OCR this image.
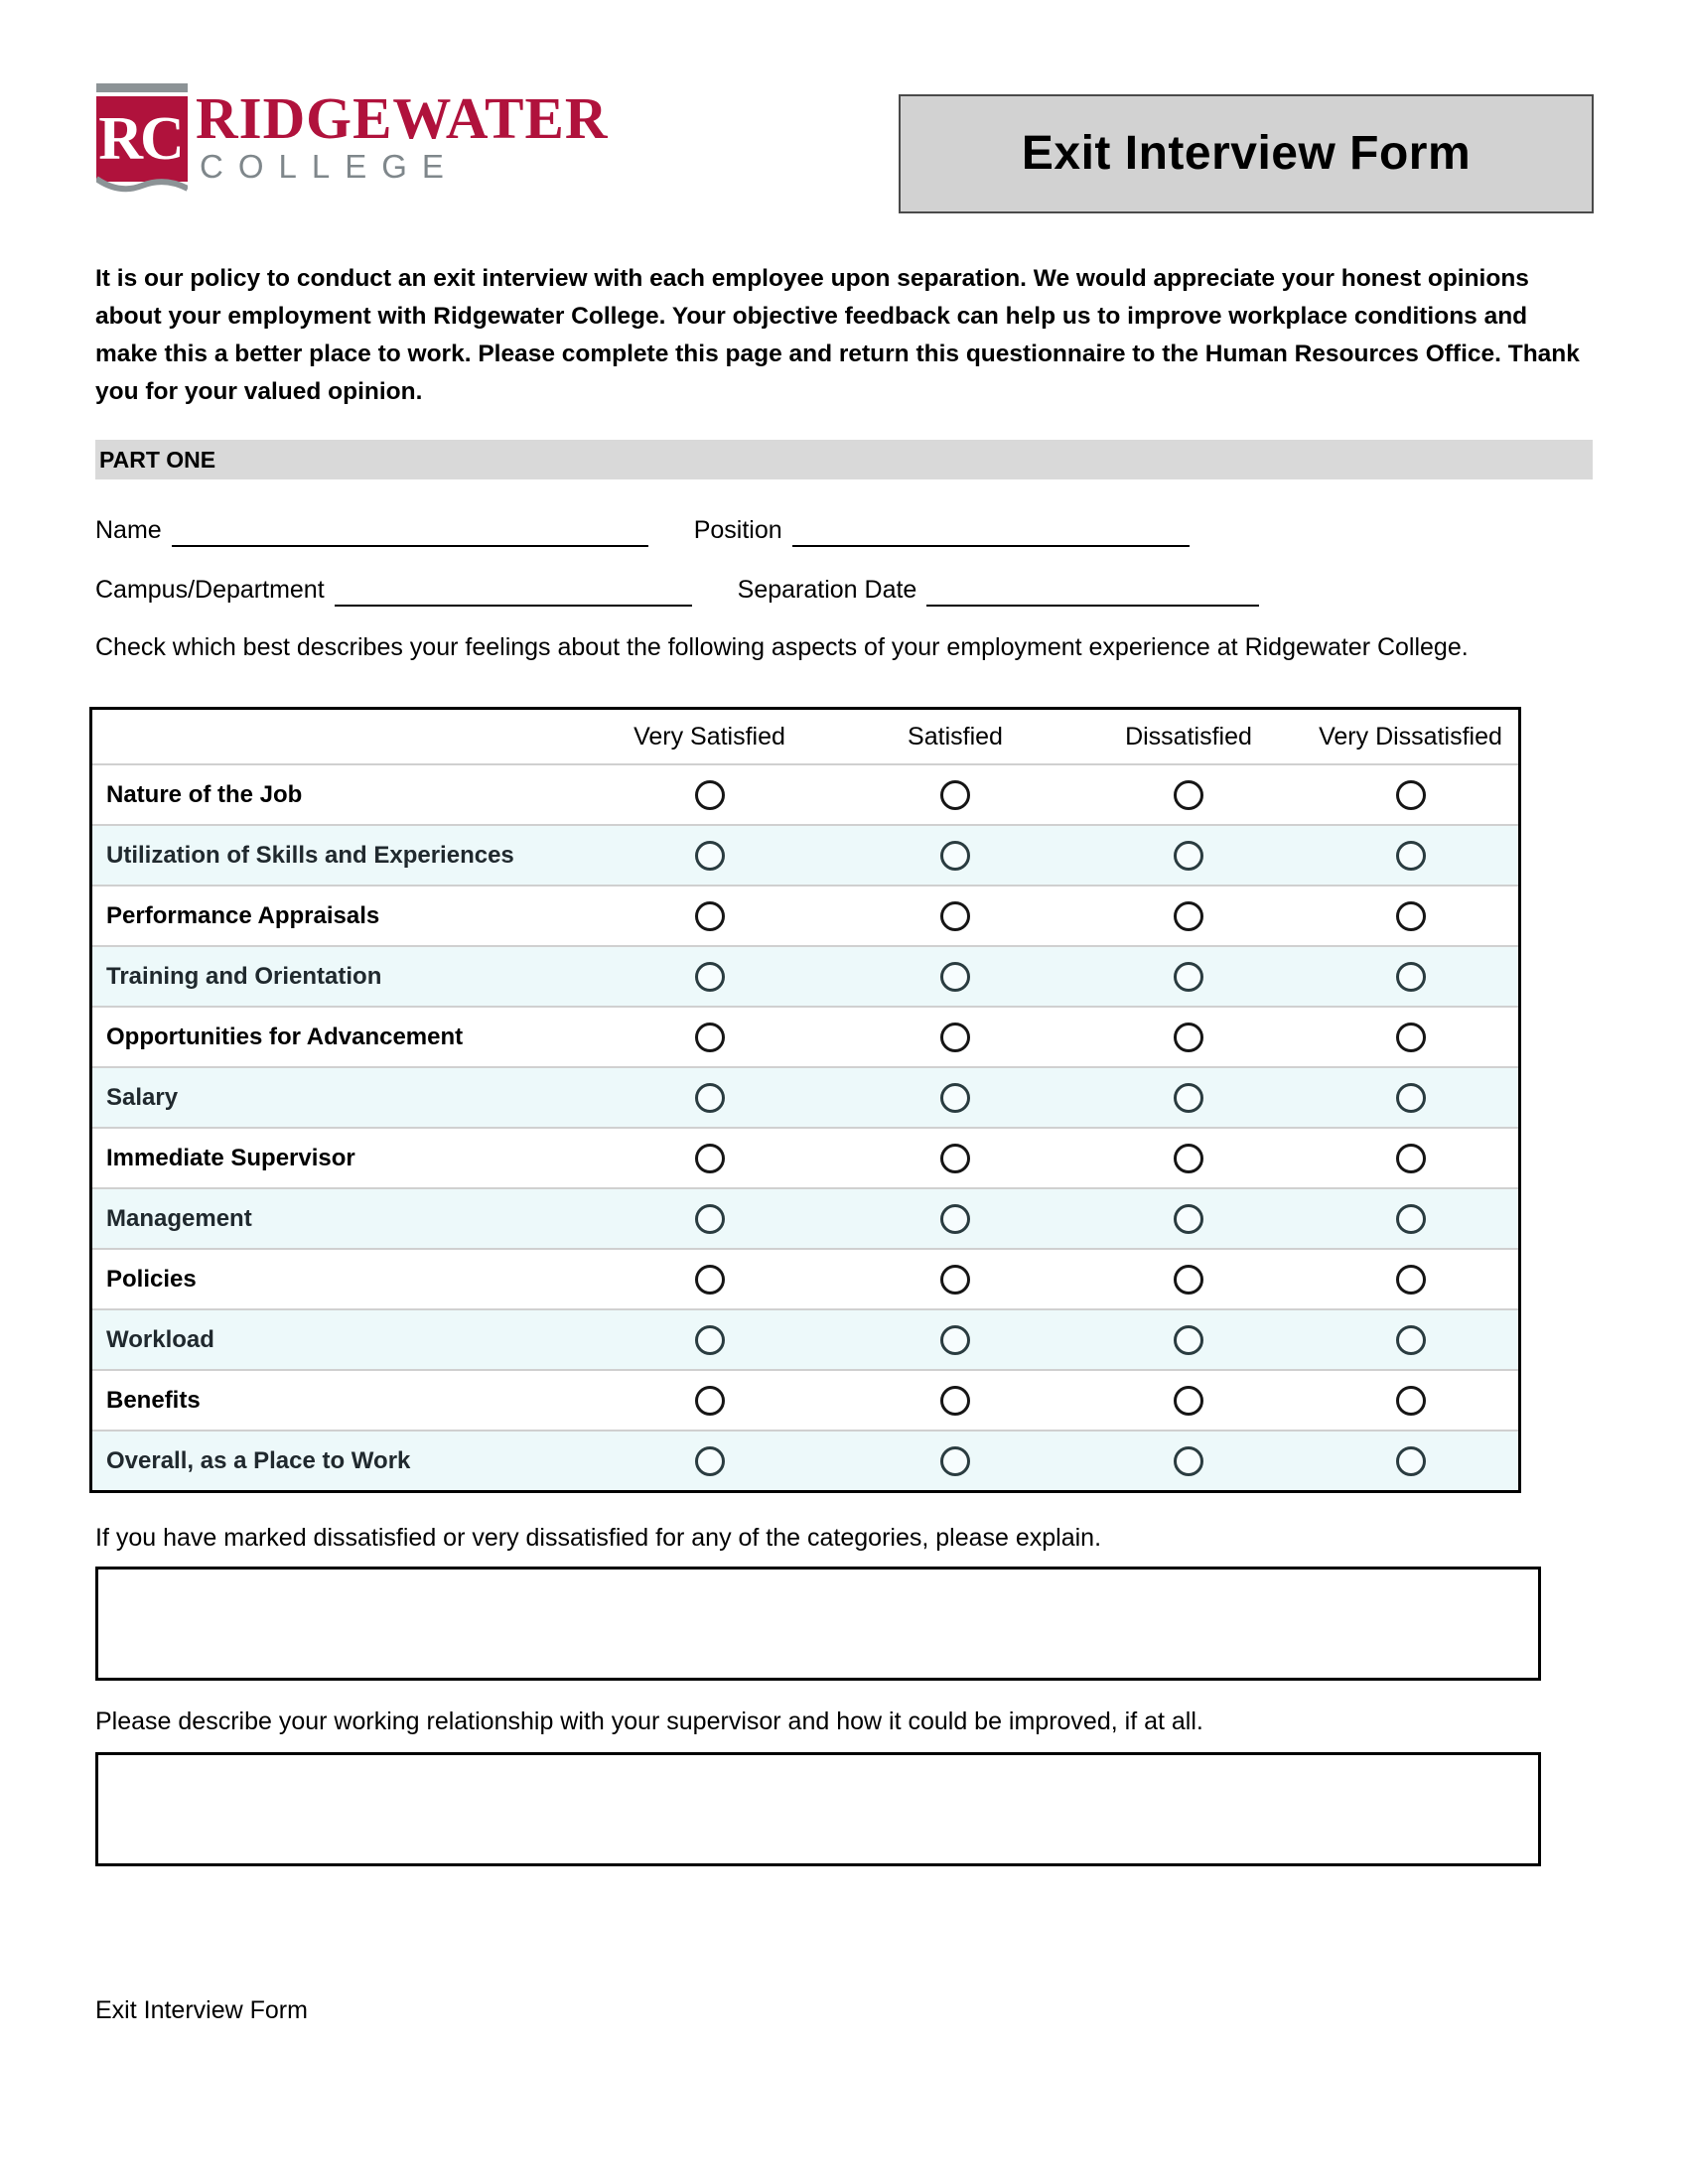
RC RIDGEWATER
COLLEGE	Exit Interview Form
It is our policy to conduct an exit interview with each employee upon separation. We would appreciate your honest opinions about your employment with Ridgewater College. Your objective feedback can help us to improve workplace conditions and make this a better place to work. Please complete this page and return this questionnaire to the Human Resources Office. Thank you for your valued opinion.
PART ONE
Name	Position
Campus/Department	Separation Date
Check which best describes your feelings about the following aspects of your employment experience at Ridgewater College.
Very Satisfied	Satisfied	Dissatisfied	Very Dissatisfied
Nature of the Job
Utilization of Skills and Experiences
Performance Appraisals
Training and Orientation
Opportunities for Advancement
Salary
Immediate Supervisor
Management
Policies
Workload
Benefits
Overall, as a Place to Work
If you have marked dissatisfied or very dissatisfied for any of the categories, please explain.
Please describe your working relationship with your supervisor and how it could be improved, if at all.
Exit Interview Form
